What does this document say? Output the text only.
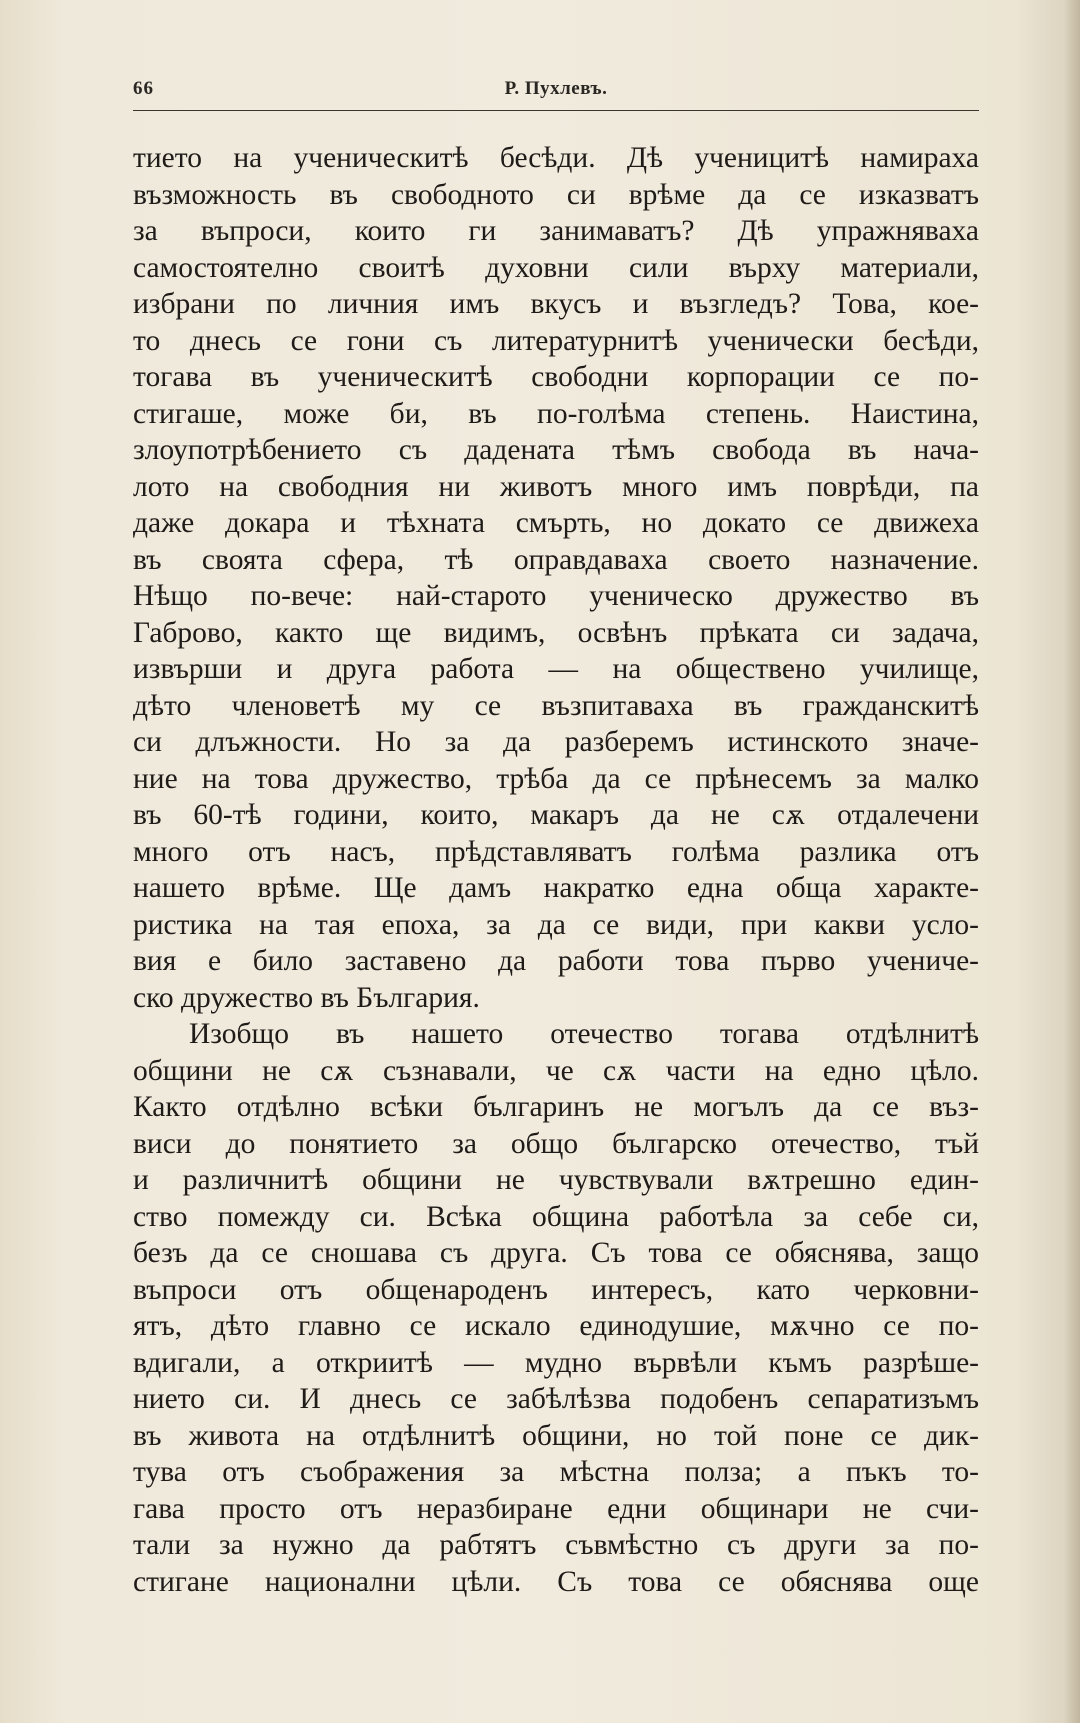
66	Р. Пухлевъ.
тието на ученическитѣ бесѣди. Дѣ ученицитѣ намираха
възможность въ свободното си врѣме да се изказватъ
за въпроси, които ги занимаватъ? Дѣ упражняваха
самостоятелно своитѣ духовни сили върху материали,
избрани по личния имъ вкусъ и възгледъ? Това, кое-
то днесь се гони съ литературнитѣ ученически бесѣди,
тогава въ ученическитѣ свободни корпорации се по-
стигаше, може би, въ по-голѣма степень. Наистина,
злоупотрѣбението съ дадената тѣмъ свобода въ нача-
лото на свободния ни животъ много имъ поврѣди, па
даже докара и тѣхната смърть, но докато се движеха
въ своята сфера, тѣ оправдаваха своето назначение.
Нѣщо по-вече: най-старото ученическо дружество въ
Габрово, както ще видимъ, освѣнъ прѣката си задача,
извърши и друга работа — на обществено училище,
дѣто членоветѣ му се възпитаваха въ гражданскитѣ
си длъжности. Но за да разберемъ истинското значе-
ние на това дружество, трѣба да се прѣнесемъ за малко
въ 60-тѣ години, които, макаръ да не сѫ отдалечени
много отъ насъ, прѣдставляватъ голѣма разлика отъ
нашето врѣме. Ще дамъ накратко една обща характе-
ристика на тая епоха, за да се види, при какви усло-
вия е било заставено да работи това първо учениче-
ско дружество въ България.
Изобщо въ нашето отечество тогава отдѣлнитѣ
общини не сѫ съзнавали, че сѫ части на едно цѣло.
Както отдѣлно всѣки българинъ не могълъ да се въз-
виси до понятието за общо българско отечество, тъй
и различнитѣ общини не чувствували вѫтрешно един-
ство помежду си. Всѣка община работѣла за себе си,
безъ да се сношава съ друга. Съ това се обяснява, защо
въпроси отъ общенароденъ интересъ, като черковни-
ятъ, дѣто главно се искало единодушие, мѫчно се по-
вдигали, а откриитѣ — мудно вървѣли къмъ разрѣше-
нието си. И днесь се забѣлѣзва подобенъ сепаратизъмъ
въ живота на отдѣлнитѣ общини, но той поне се дик-
тува отъ съображения за мѣстна полза; а пъкъ то-
гава просто отъ неразбиране едни общинари не счи-
тали за нужно да рабтятъ съвмѣстно съ други за по-
стигане национални цѣли. Съ това се обяснява още
